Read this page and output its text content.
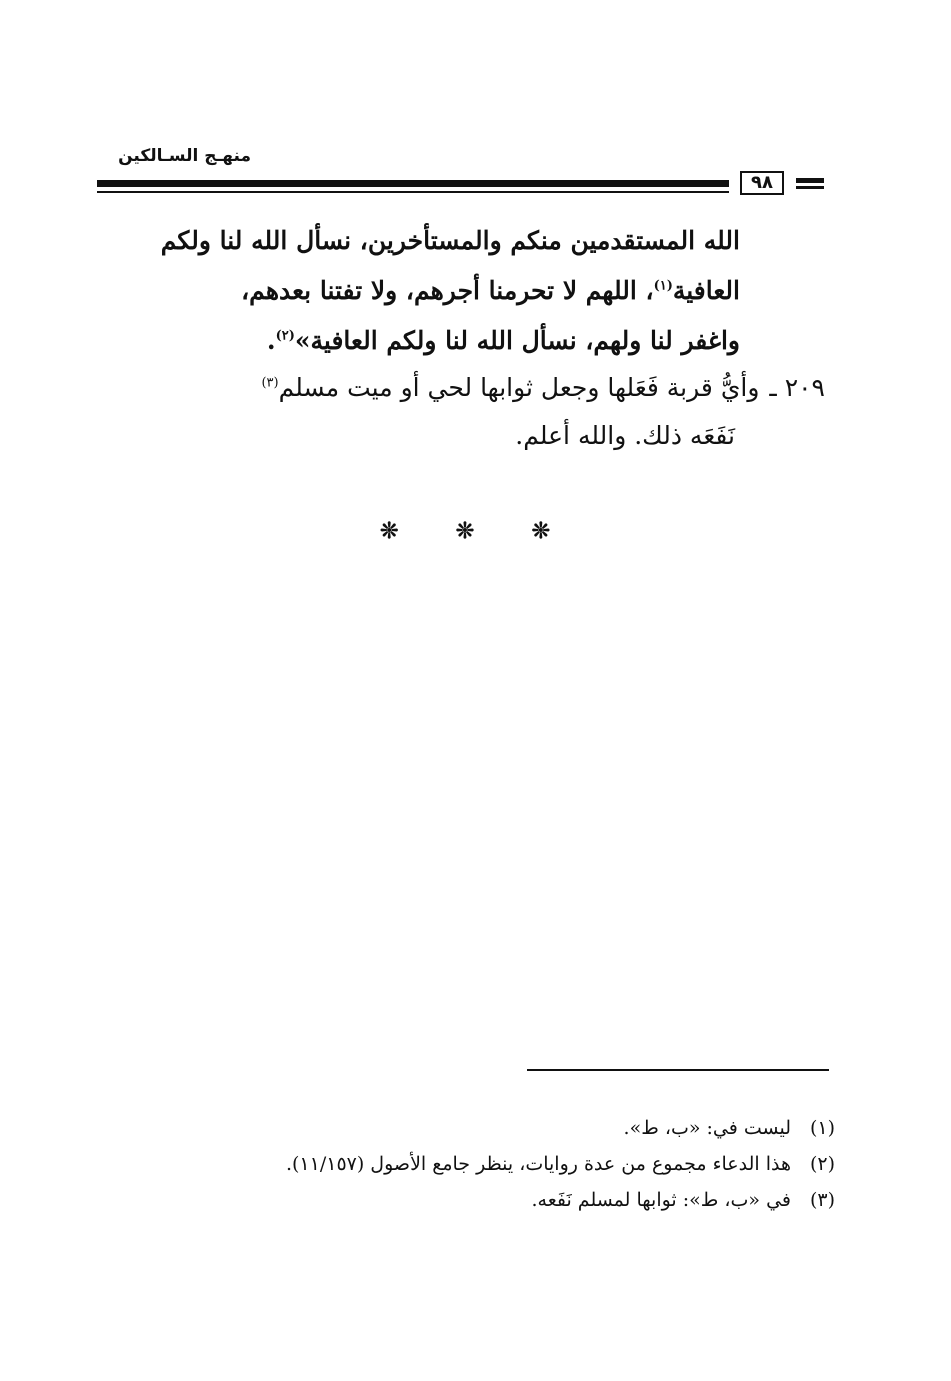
منهـج السـالكين
٩٨

الله المستقدمين منكم والمستأخرين، نسأل الله لنا ولكم

العافية$^{(١)}$، اللهم لا تحرمنا أجرهم، ولا تفتنا بعدهم،

واغفر لنا ولهم، نسأل الله لنا ولكم العافية»$^{(٢)}$.

٢٠٩ ـوأيُّ قربة فَعَلها وجعل ثوابها لحي أو ميت مسلم$^{(٣)}$
نَفَعَه ذلك. والله أعلم.
❊	❊	❊
(١)
ليست في: «ب، ط».
(٢)
هذا الدعاء مجموع من عدة روايات، ينظر جامع الأصول (١١/١٥٧).
(٣)
في «ب، ط»: ثوابها لمسلم نَفَعه.
